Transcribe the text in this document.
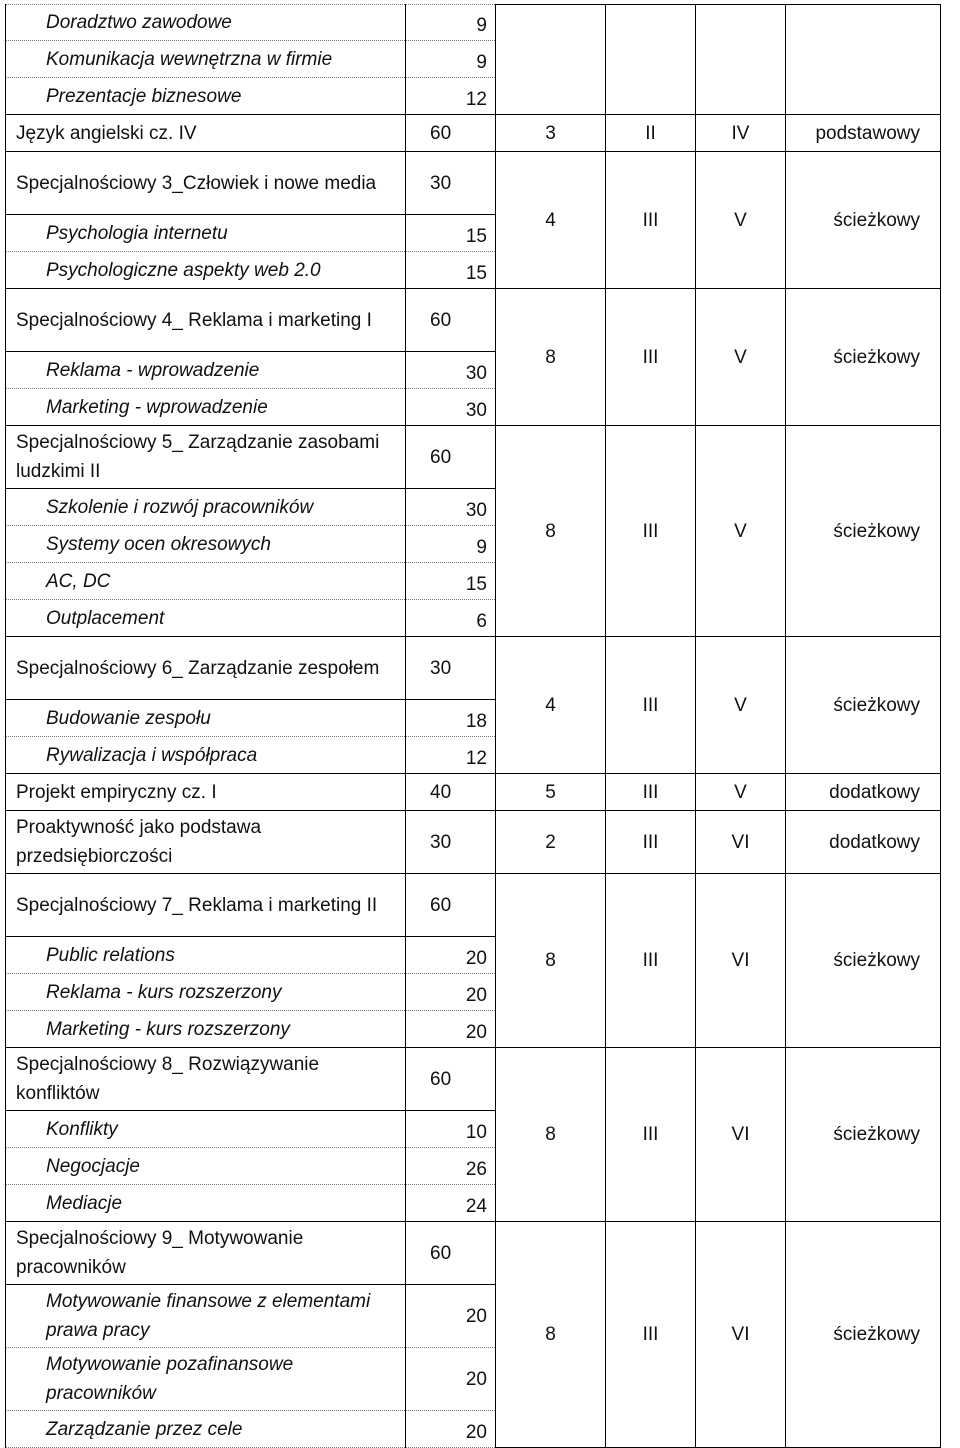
Doradztwo zawodowe	9				
Komunikacja wewnętrzna w firmie	9				
Prezentacje biznesowe	12				
Język angielski cz. IV	60	3	II	IV	podstawowy
Specjalnościowy 3_Człowiek i nowe media	30	4	III	V	ścieżkowy
Psychologia internetu	15				
Psychologiczne aspekty web 2.0	15				
Specjalnościowy 4_ Reklama i marketing I	60	8	III	V	ścieżkowy
Reklama - wprowadzenie	30				
Marketing - wprowadzenie	30				
Specjalnościowy 5_ Zarządzanie zasobami ludzkimi II	60	8	III	V	ścieżkowy
Szkolenie i rozwój pracowników	30				
Systemy ocen okresowych	9				
AC, DC	15				
Outplacement	6				
Specjalnościowy 6_ Zarządzanie zespołem	30	4	III	V	ścieżkowy
Budowanie zespołu	18				
Rywalizacja i współpraca	12				
Projekt empiryczny cz. I	40	5	III	V	dodatkowy
Proaktywność jako podstawa przedsiębiorczości	30	2	III	VI	dodatkowy
Specjalnościowy 7_ Reklama i marketing II	60	8	III	VI	ścieżkowy
Public relations	20				
Reklama - kurs rozszerzony	20				
Marketing - kurs rozszerzony	20				
Specjalnościowy 8_ Rozwiązywanie konfliktów	60	8	III	VI	ścieżkowy
Konflikty	10				
Negocjacje	26				
Mediacje	24				
Specjalnościowy 9_ Motywowanie pracowników	60	8	III	VI	ścieżkowy
Motywowanie finansowe z elementami prawa pracy	20				
Motywowanie pozafinansowe pracowników	20				
Zarządzanie przez cele	20				
